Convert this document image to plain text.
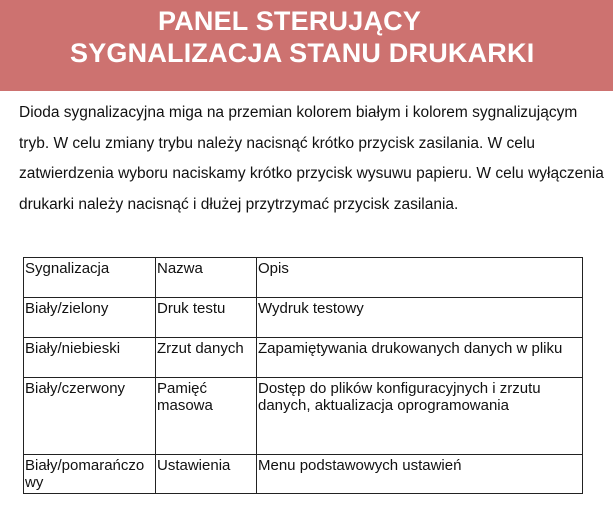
PANEL STERUJĄCY
SYGNALIZACJA STANU DRUKARKI

Dioda sygnalizacyjna miga na przemian kolorem białym i kolorem sygnalizującym tryb. W celu zmiany trybu należy nacisnąć krótko przycisk zasilania. W celu zatwierdzenia wyboru naciskamy krótko przycisk wysuwu papieru. W celu wyłączenia drukarki należy nacisnąć i dłużej przytrzymać przycisk zasilania.

Sygnalizacja	Nazwa	Opis
Biały/zielony	Druk testu	Wydruk testowy
Biały/niebieski	Zrzut danych	Zapamiętywania drukowanych danych w pliku
Biały/czerwony	Pamięć masowa	Dostęp do plików konfiguracyjnych i zrzutu danych, aktualizacja oprogramowania
Biały/pomarańczowy	Ustawienia	Menu podstawowych ustawień
